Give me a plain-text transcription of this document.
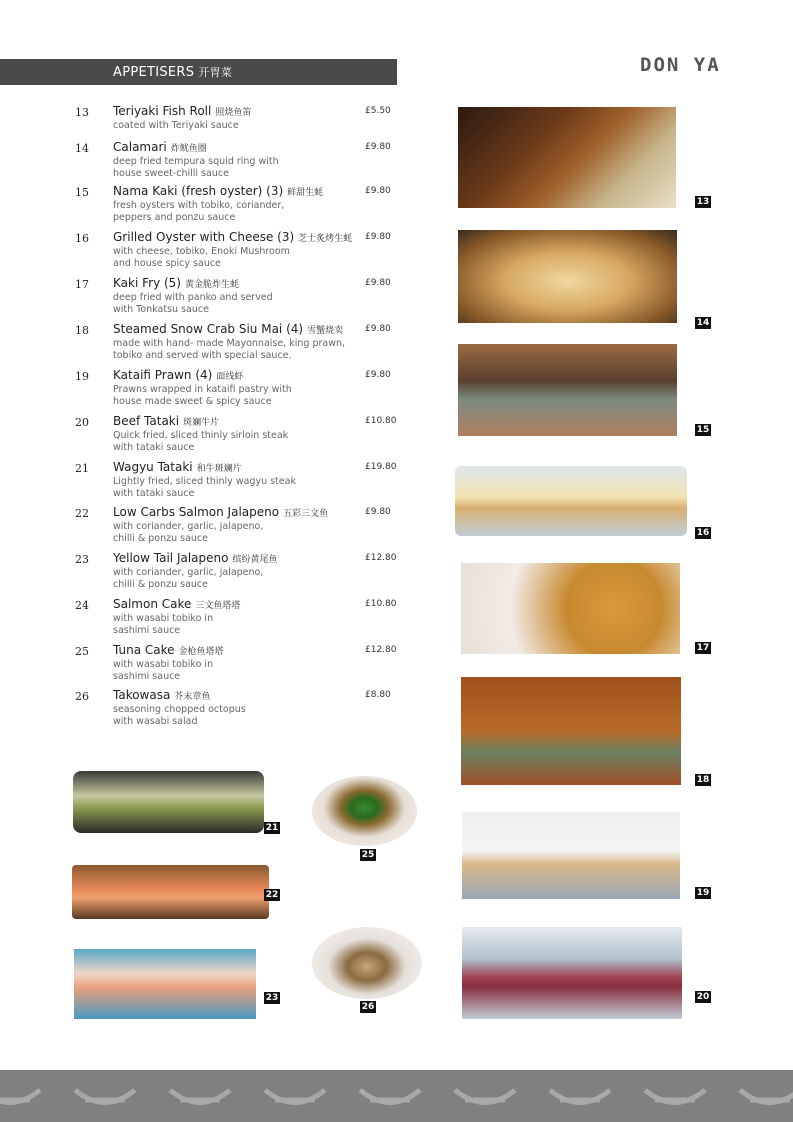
APPETISERS 开胃菜	DON YA
13 Teriyaki Fish Roll 照烧鱼笛	£5.50
coated with Teriyaki sauce
14 Calamari 炸鱿鱼圈	£9.80
deep fried tempura squid ring with
house sweet-chilli sauce
15 Nama Kaki (fresh oyster) (3) 鲜甜生蚝	£9.80
fresh oysters with tobiko, coriander,
peppers and ponzu sauce
16 Grilled Oyster with Cheese (3) 芝士炙烤生蚝 £9.80
with cheese, tobiko, Enoki Mushroom
and house spicy sauce
17 Kaki Fry (5) 黄金脆炸生蚝	£9.80
deep fried with panko and served
with Tonkatsu sauce
18 Steamed Snow Crab Siu Mai (4) 雪蟹烧卖 £9.80
made with hand- made Mayonnaise, king prawn,
tobiko and served with special sauce.
19 Kataifi Prawn (4) 面线虾	£9.80
Prawns wrapped in kataifi pastry with
house made sweet & spicy sauce
20 Beef Tataki 斑斓牛片	£10.80
Quick fried, sliced thinly sirloin steak
with tataki sauce
21 Wagyu Tataki 和牛斑斓片	£19.80
Lightly fried, sliced thinly wagyu steak
with tataki sauce
22 Low Carbs Salmon Jalapeno 五彩三文鱼	£9.80
with coriander, garlic, jalapeno,
chilli & ponzu sauce
23 Yellow Tail Jalapeno 缤纷黄尾鱼	£12.80
with coriander, garlic, jalapeno,
chilli & ponzu sauce
24 Salmon Cake 三文鱼塔塔	£10.80
with wasabi tobiko in
sashimi sauce
25 Tuna Cake 金枪鱼塔塔	£12.80
with wasabi tobiko in
sashimi sauce
26 Takowasa 芥末章鱼	£8.80
seasoning chopped octopus
with wasabi salad
13
14
15
16
17
18
19
20
21
22
23
25
26
